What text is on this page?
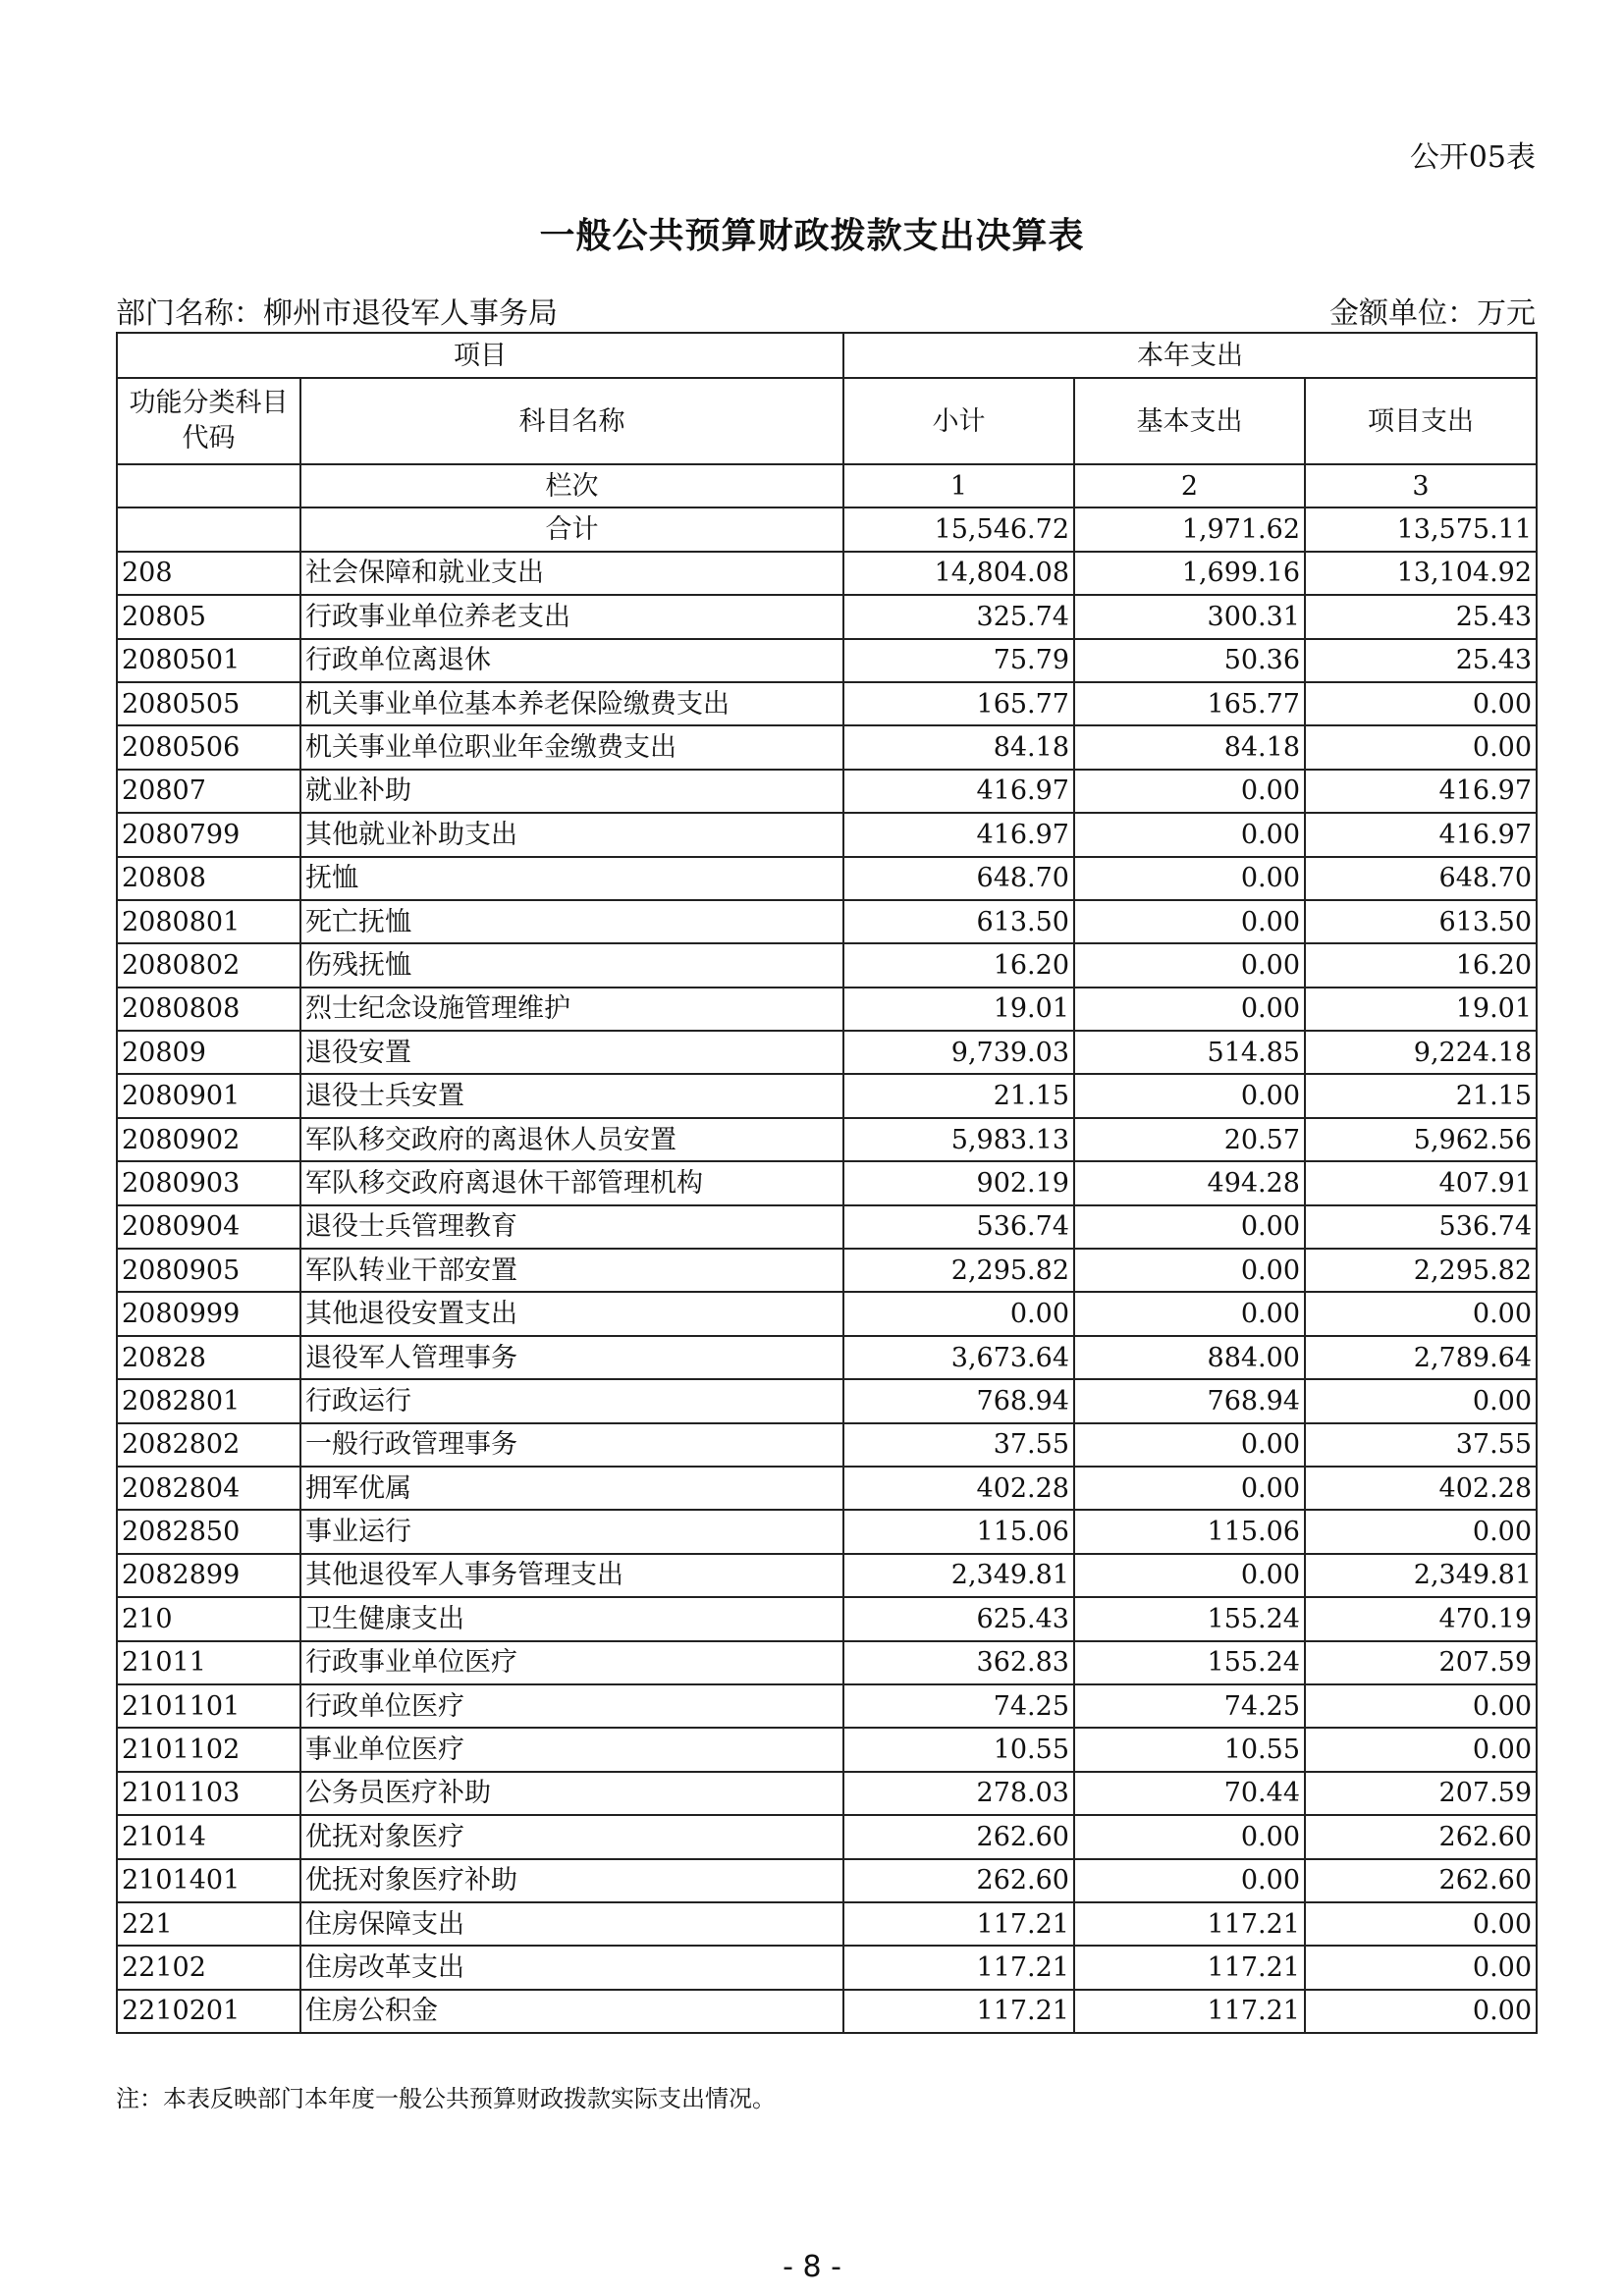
公开05表
一般公共预算财政拨款支出决算表
部门名称：柳州市退役军人事务局	金额单位：万元
项目		本年支出		
功能分类科目代码	科目名称	小计	基本支出	项目支出
	栏次	1	2	3
	合计	15,546.72	1,971.62	13,575.11
208	社会保障和就业支出	14,804.08	1,699.16	13,104.92
20805	行政事业单位养老支出	325.74	300.31	25.43
2080501	行政单位离退休	75.79	50.36	25.43
2080505	机关事业单位基本养老保险缴费支出	165.77	165.77	0.00
2080506	机关事业单位职业年金缴费支出	84.18	84.18	0.00
20807	就业补助	416.97	0.00	416.97
2080799	其他就业补助支出	416.97	0.00	416.97
20808	抚恤	648.70	0.00	648.70
2080801	死亡抚恤	613.50	0.00	613.50
2080802	伤残抚恤	16.20	0.00	16.20
2080808	烈士纪念设施管理维护	19.01	0.00	19.01
20809	退役安置	9,739.03	514.85	9,224.18
2080901	退役士兵安置	21.15	0.00	21.15
2080902	军队移交政府的离退休人员安置	5,983.13	20.57	5,962.56
2080903	军队移交政府离退休干部管理机构	902.19	494.28	407.91
2080904	退役士兵管理教育	536.74	0.00	536.74
2080905	军队转业干部安置	2,295.82	0.00	2,295.82
2080999	其他退役安置支出	0.00	0.00	0.00
20828	退役军人管理事务	3,673.64	884.00	2,789.64
2082801	行政运行	768.94	768.94	0.00
2082802	一般行政管理事务	37.55	0.00	37.55
2082804	拥军优属	402.28	0.00	402.28
2082850	事业运行	115.06	115.06	0.00
2082899	其他退役军人事务管理支出	2,349.81	0.00	2,349.81
210	卫生健康支出	625.43	155.24	470.19
21011	行政事业单位医疗	362.83	155.24	207.59
2101101	行政单位医疗	74.25	74.25	0.00
2101102	事业单位医疗	10.55	10.55	0.00
2101103	公务员医疗补助	278.03	70.44	207.59
21014	优抚对象医疗	262.60	0.00	262.60
2101401	优抚对象医疗补助	262.60	0.00	262.60
221	住房保障支出	117.21	117.21	0.00
22102	住房改革支出	117.21	117.21	0.00
2210201	住房公积金	117.21	117.21	0.00
注：本表反映部门本年度一般公共预算财政拨款实际支出情况。
- 8 -
